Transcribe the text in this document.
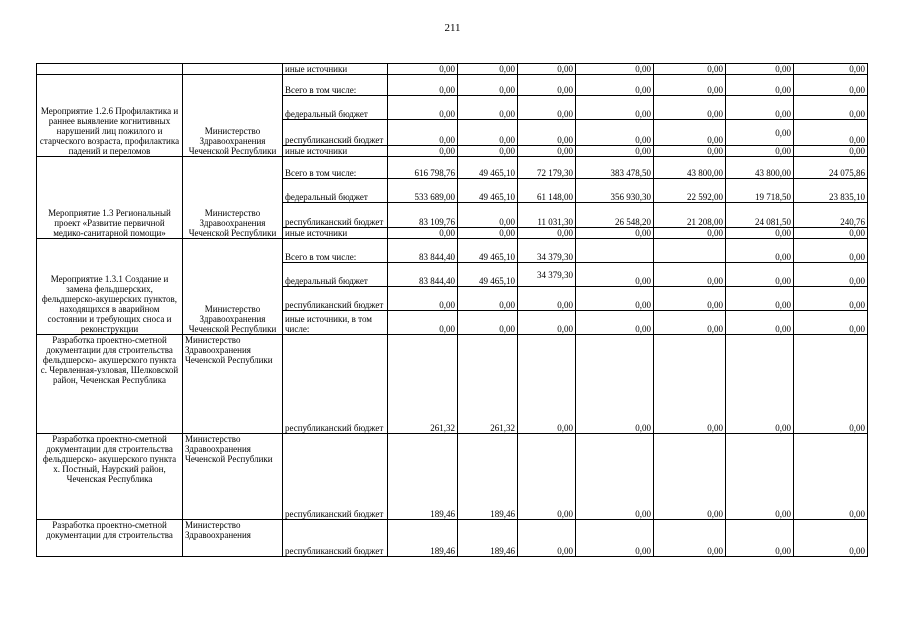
211
		иные источники	0,00	0,00	0,00	0,00	0,00	0,00	0,00
Мероприятие 1.2.6 Профилактика и раннее выявление когнитивных нарушений лиц пожилого и старческого возраста, профилактика падений и переломов	Министерство Здравоохранения Чеченской Республики	Всего в том числе:	0,00	0,00	0,00	0,00	0,00	0,00	0,00
		федеральный бюджет	0,00	0,00	0,00	0,00	0,00	0,00	0,00
		республиканский бюджет	0,00	0,00	0,00	0,00	0,00	0,00	0,00
		иные источники	0,00	0,00	0,00	0,00	0,00	0,00	0,00
Мероприятие 1.3 Региональный проект «Развитие первичной медико-санитарной помощи»	Министерство Здравоохранения Чеченской Республики	Всего в том числе:	616 798,76	49 465,10	72 179,30	383 478,50	43 800,00	43 800,00	24 075,86
		федеральный бюджет	533 689,00	49 465,10	61 148,00	356 930,30	22 592,00	19 718,50	23 835,10
		республиканский бюджет	83 109,76	0,00	11 031,30	26 548,20	21 208,00	24 081,50	240,76
		иные источники	0,00	0,00	0,00	0,00	0,00	0,00	0,00
Мероприятие 1.3.1 Создание и замена фельдшерских, фельдшерско-акушерских пунктов, находящихся в аварийном состоянии и требующих сноса и реконструкции	Министерство Здравоохранения Чеченской Республики	Всего в том числе:	83 844,40	49 465,10	34 379,30			0,00	0,00
		федеральный бюджет	83 844,40	49 465,10	34 379,30	0,00	0,00	0,00	0,00
		республиканский бюджет	0,00	0,00	0,00	0,00	0,00	0,00	0,00
		иные источники, в том числе:	0,00	0,00	0,00	0,00	0,00	0,00	0,00
Разработка проектно-сметной документации для строительства фельдшерско- акушерского пункта с. Червленная-узловая, Шелковской район, Чеченская Республика	Министерство Здравоохранения Чеченской Республики	республиканский бюджет	261,32	261,32	0,00	0,00	0,00	0,00	0,00
Разработка проектно-сметной документации для строительства фельдшерско- акушерского пункта х. Постный, Наурский район, Чеченская Республика	Министерство Здравоохранения Чеченской Республики	республиканский бюджет	189,46	189,46	0,00	0,00	0,00	0,00	0,00
Разработка проектно-сметной документации для строительства	Министерство Здравоохранения	республиканский бюджет	189,46	189,46	0,00	0,00	0,00	0,00	0,00
